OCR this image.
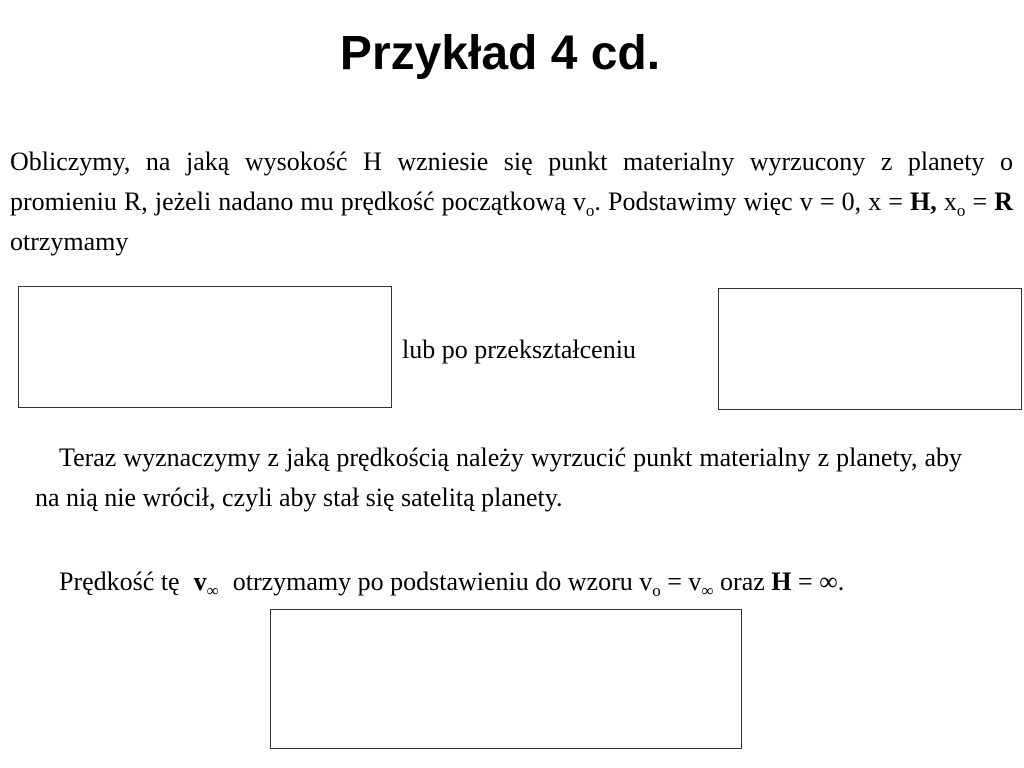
Przykład 4 cd.

Obliczymy, na jaką wysokość H wzniesie się punkt materialny wyrzucony z planety o promieniu R, jeżeli nadano mu prędkość początkową $v_o$. Podstawimy więc v = 0, x = H, $x_o = R$ otrzymamy

lub po przekształceniu

Teraz wyznaczymy z jaką prędkością należy wyrzucić punkt materialny z planety, aby na nią nie wrócił, czyli aby stał się satelitą planety.

Prędkość tę $v_\infty$ otrzymamy po podstawieniu do wzoru $v_o = v_\infty$ oraz H = ∞.
